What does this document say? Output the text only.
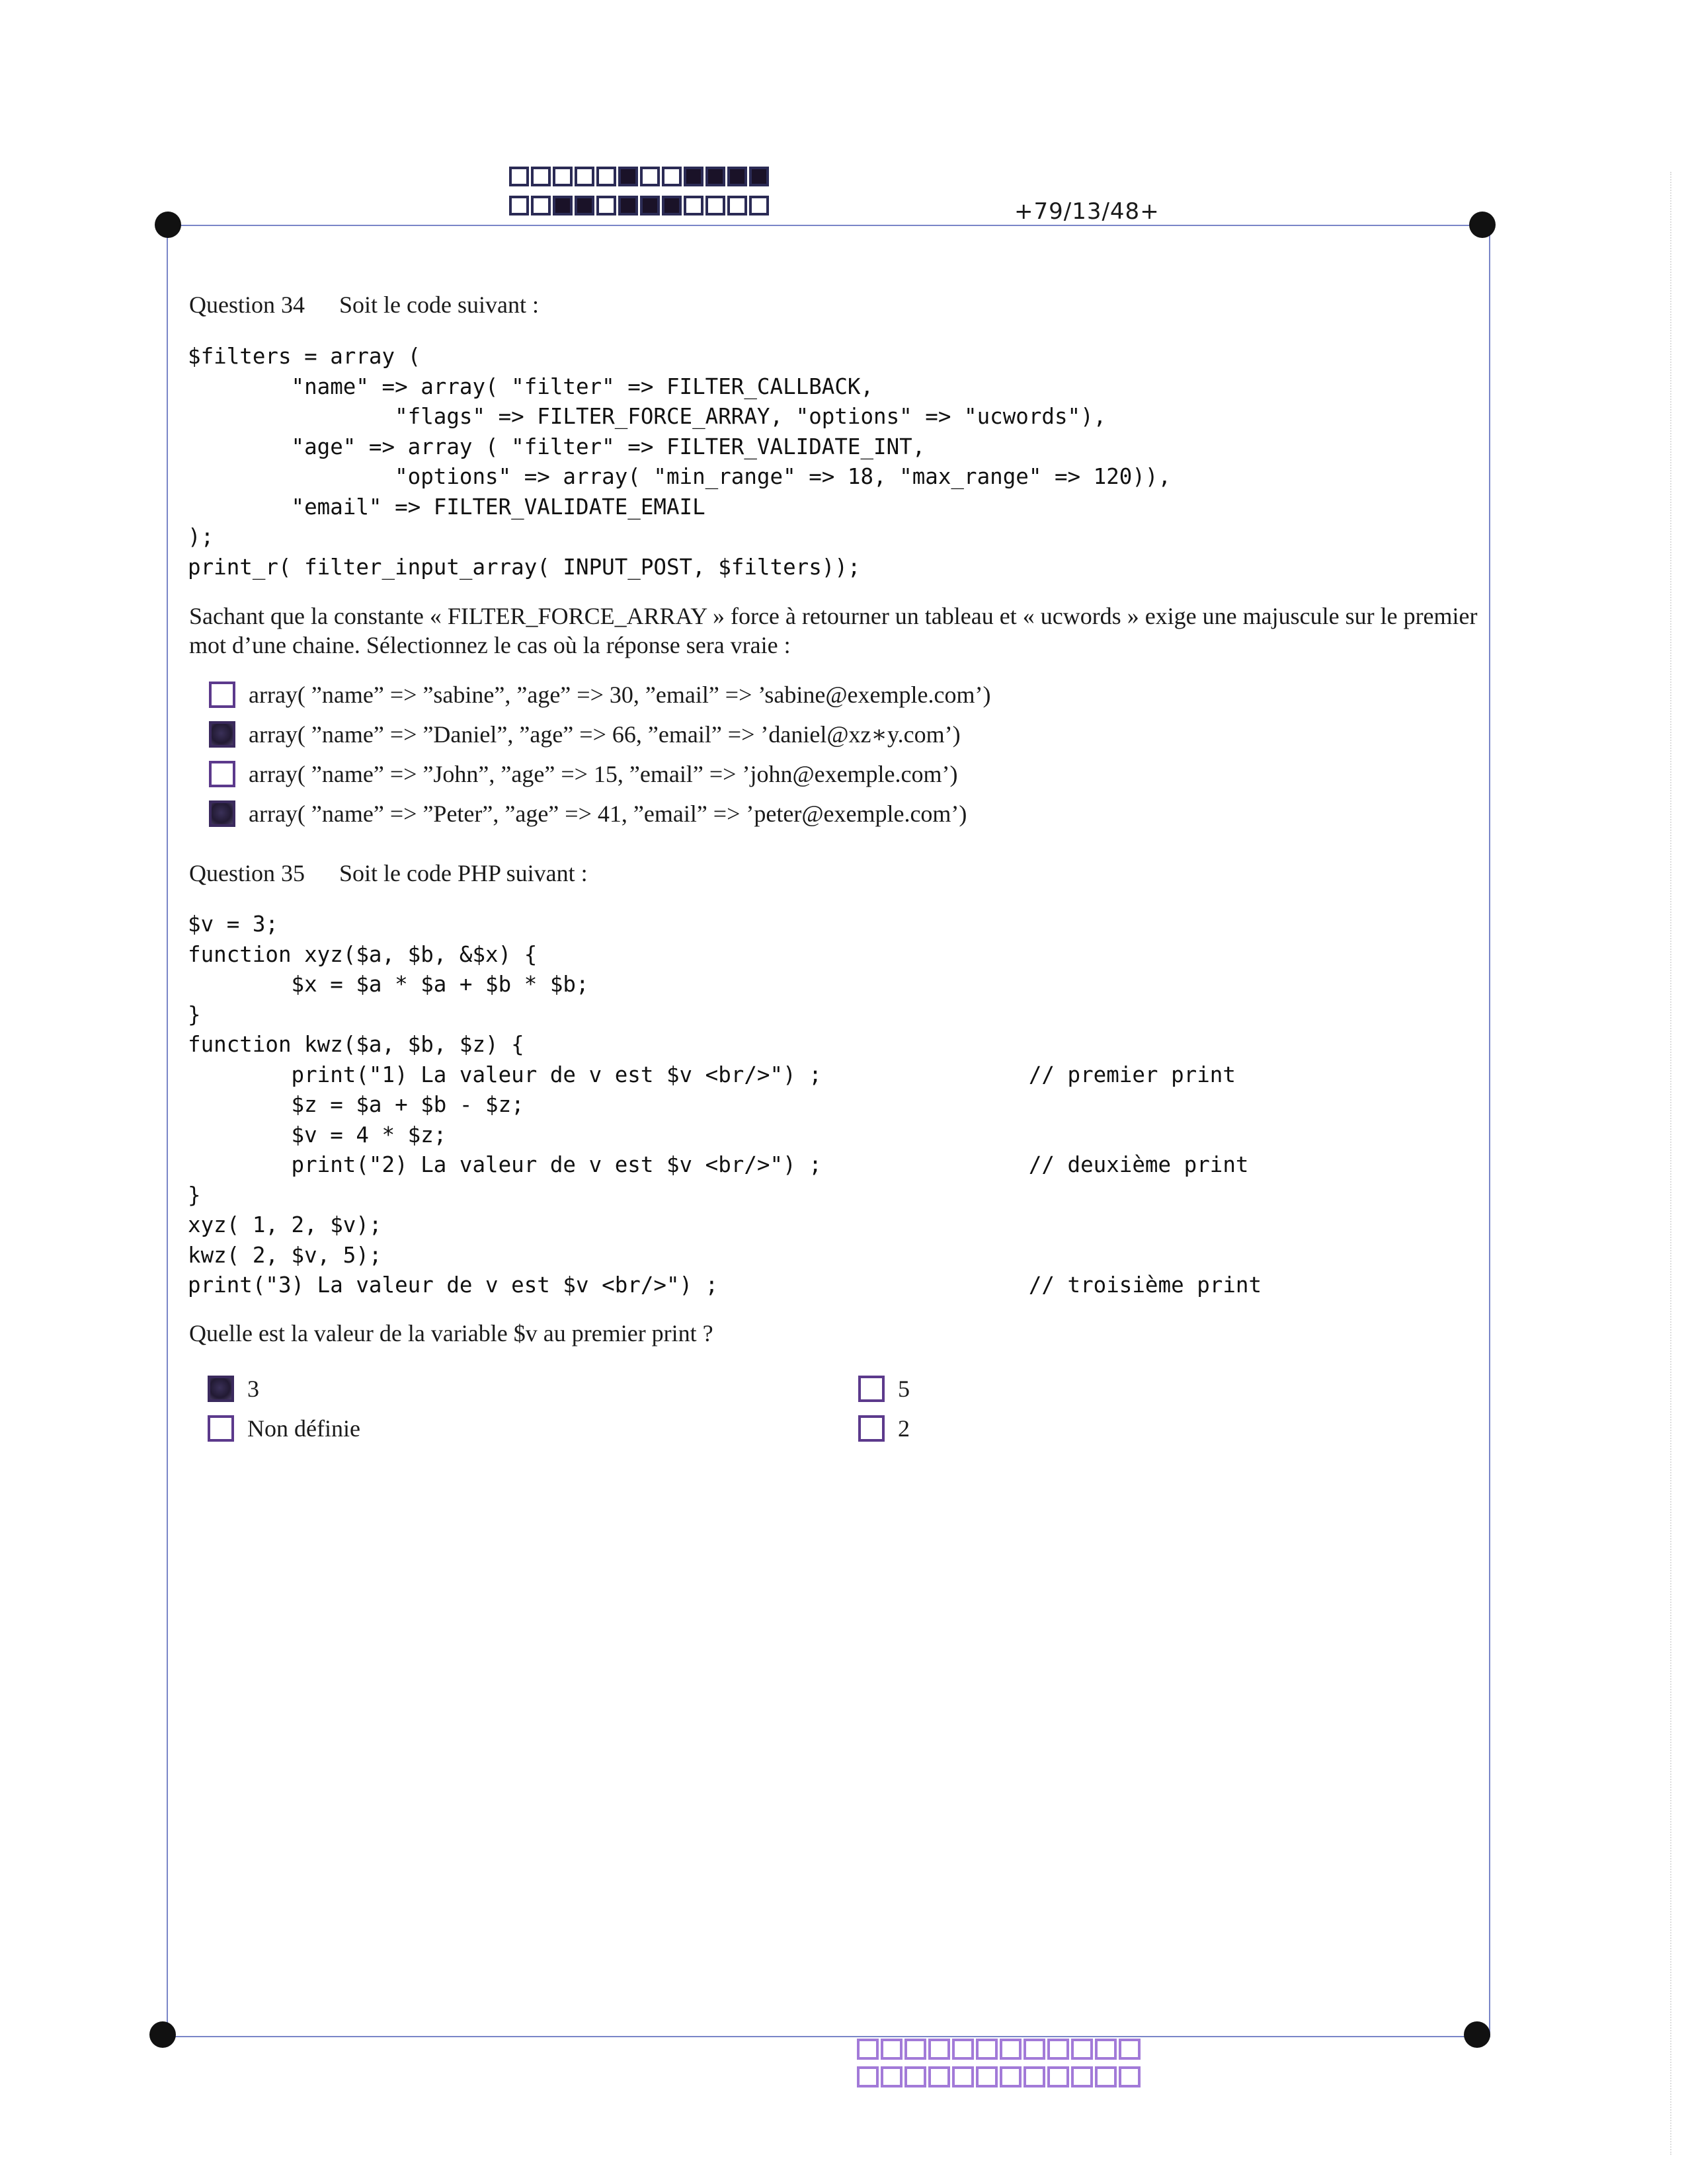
+79/13/48+
Question 34 Soit le code suivant :
$filters = array (
"name" => array( "filter" => FILTER_CALLBACK,
"flags" => FILTER_FORCE_ARRAY, "options" => "ucwords"),
"age" => array ( "filter" => FILTER_VALIDATE_INT,
"options" => array( "min_range" => 18, "max_range" => 120)),
"email" => FILTER_VALIDATE_EMAIL
);
print_r( filter_input_array( INPUT_POST, $filters));
Sachant que la constante « FILTER_FORCE_ARRAY » force à retourner un tableau et « ucwords » exige une majuscule sur le premier mot d’une chaine. Sélectionnez le cas où la réponse sera vraie :
array( ”name” => ”sabine”, ”age” => 30, ”email” => ’sabine@exemple.com’)
array( ”name” => ”Daniel”, ”age” => 66, ”email” => ’daniel@xz∗y.com’)
array( ”name” => ”John”, ”age” => 15, ”email” => ’john@exemple.com’)
array( ”name” => ”Peter”, ”age” => 41, ”email” => ’peter@exemple.com’)
Question 35 Soit le code PHP suivant :
$v = 3;
function xyz($a, $b, &$x) {
$x = $a * $a + $b * $b;
}
function kwz($a, $b, $z) {
print("1) La valeur de v est $v <br/>") ;                // premier print
$z = $a + $b - $z;
$v = 4 * $z;
print("2) La valeur de v est $v <br/>") ;                // deuxième print
}
xyz( 1, 2, $v);
kwz( 2, $v, 5);
print("3) La valeur de v est $v <br/>") ;                        // troisième print
Quelle est la valeur de la variable $v au premier print ?
3	5
Non définie	2
